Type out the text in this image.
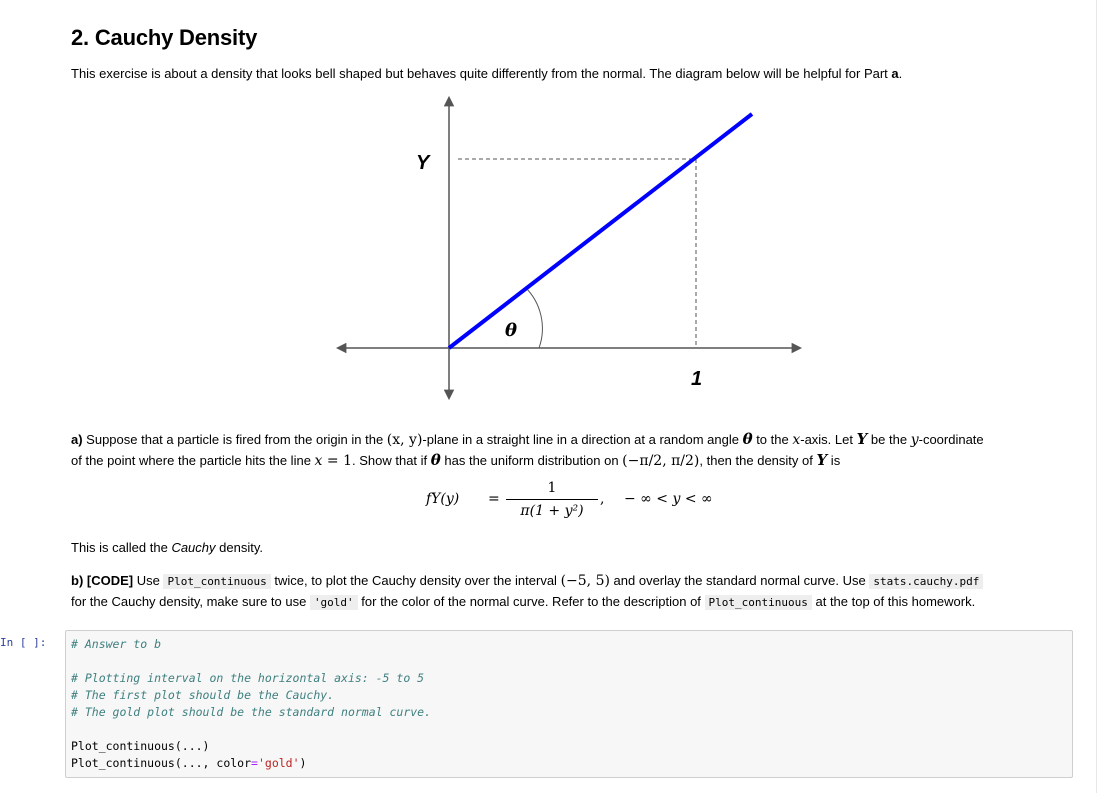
2. Cauchy Density
This exercise is about a density that looks bell shaped but behaves quite differently from the normal. The diagram below will be helpful for Part a.
a) Suppose that a particle is fired from the origin in the (x, y)-plane in a straight line in a direction at a random angle θ to the x-axis. Let Y be the y-coordinate
of the point where the particle hits the line x = 1. Show that if θ has the uniform distribution on (−π/2, π/2), then the density of Y is
This is called the Cauchy density.
b) [CODE] Use Plot_continuous twice, to plot the Cauchy density over the interval (−5, 5) and overlay the standard normal curve. Use stats.cauchy.pdf
for the Cauchy density, make sure to use 'gold' for the color of the normal curve. Refer to the description of Plot_continuous at the top of this homework.
Y
θ
1
fY(y) =
1
π(1 + y²)
, − ∞ < y < ∞
In [ ]: # Answer to b
# Plotting interval on the horizontal axis: -5 to 5
# The first plot should be the Cauchy.
# The gold plot should be the standard normal curve.
Plot_continuous(...)
Plot_continuous(..., color='gold')
